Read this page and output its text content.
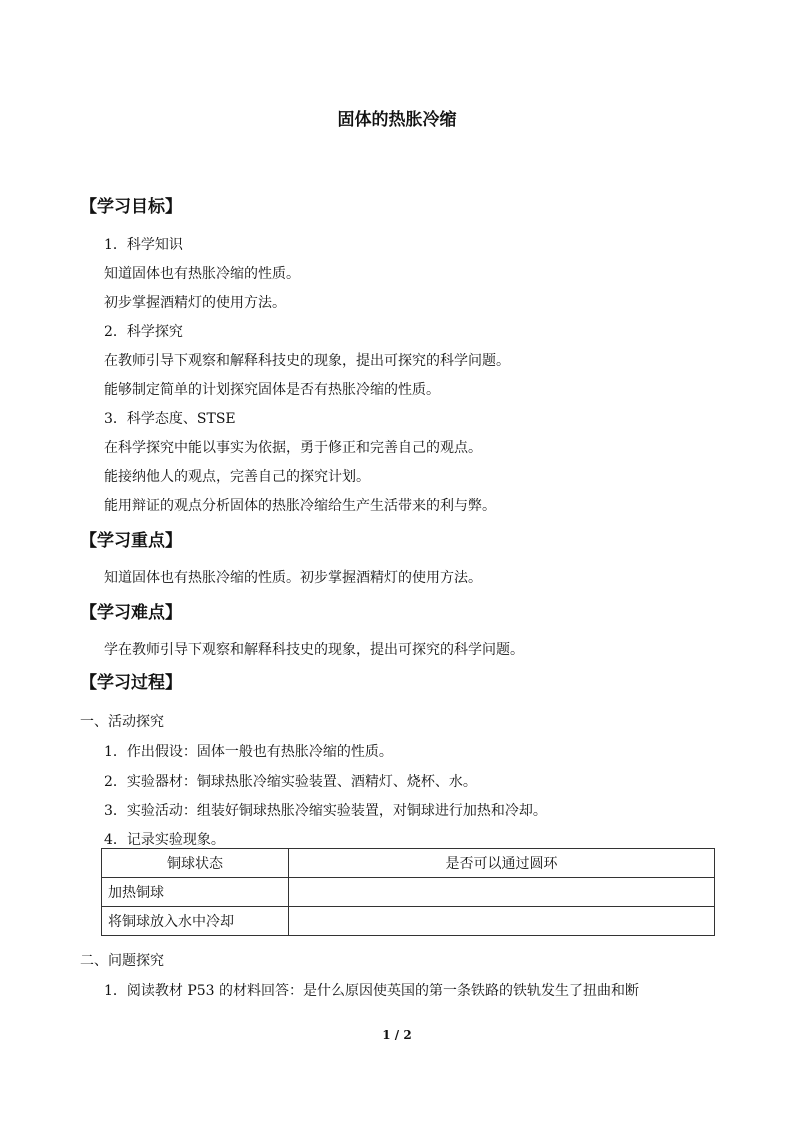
固体的热胀冷缩
【学习目标】
1．科学知识
知道固体也有热胀冷缩的性质。
初步掌握酒精灯的使用方法。
2．科学探究
在教师引导下观察和解释科技史的现象，提出可探究的科学问题。
能够制定简单的计划探究固体是否有热胀冷缩的性质。
3．科学态度、STSE
在科学探究中能以事实为依据，勇于修正和完善自己的观点。
能接纳他人的观点，完善自己的探究计划。
能用辩证的观点分析固体的热胀冷缩给生产生活带来的利与弊。
【学习重点】
知道固体也有热胀冷缩的性质。初步掌握酒精灯的使用方法。
【学习难点】
学在教师引导下观察和解释科技史的现象，提出可探究的科学问题。
【学习过程】
一、活动探究
1．作出假设：固体一般也有热胀冷缩的性质。
2．实验器材：铜球热胀冷缩实验装置、酒精灯、烧杯、水。
3．实验活动：组装好铜球热胀冷缩实验装置，对铜球进行加热和冷却。
4．记录实验现象。
铜球状态	是否可以通过圆环
加热铜球	
将铜球放入水中冷却	
二、问题探究
1．阅读教材 P53 的材料回答：是什么原因使英国的第一条铁路的铁轨发生了扭曲和断
1 / 2
